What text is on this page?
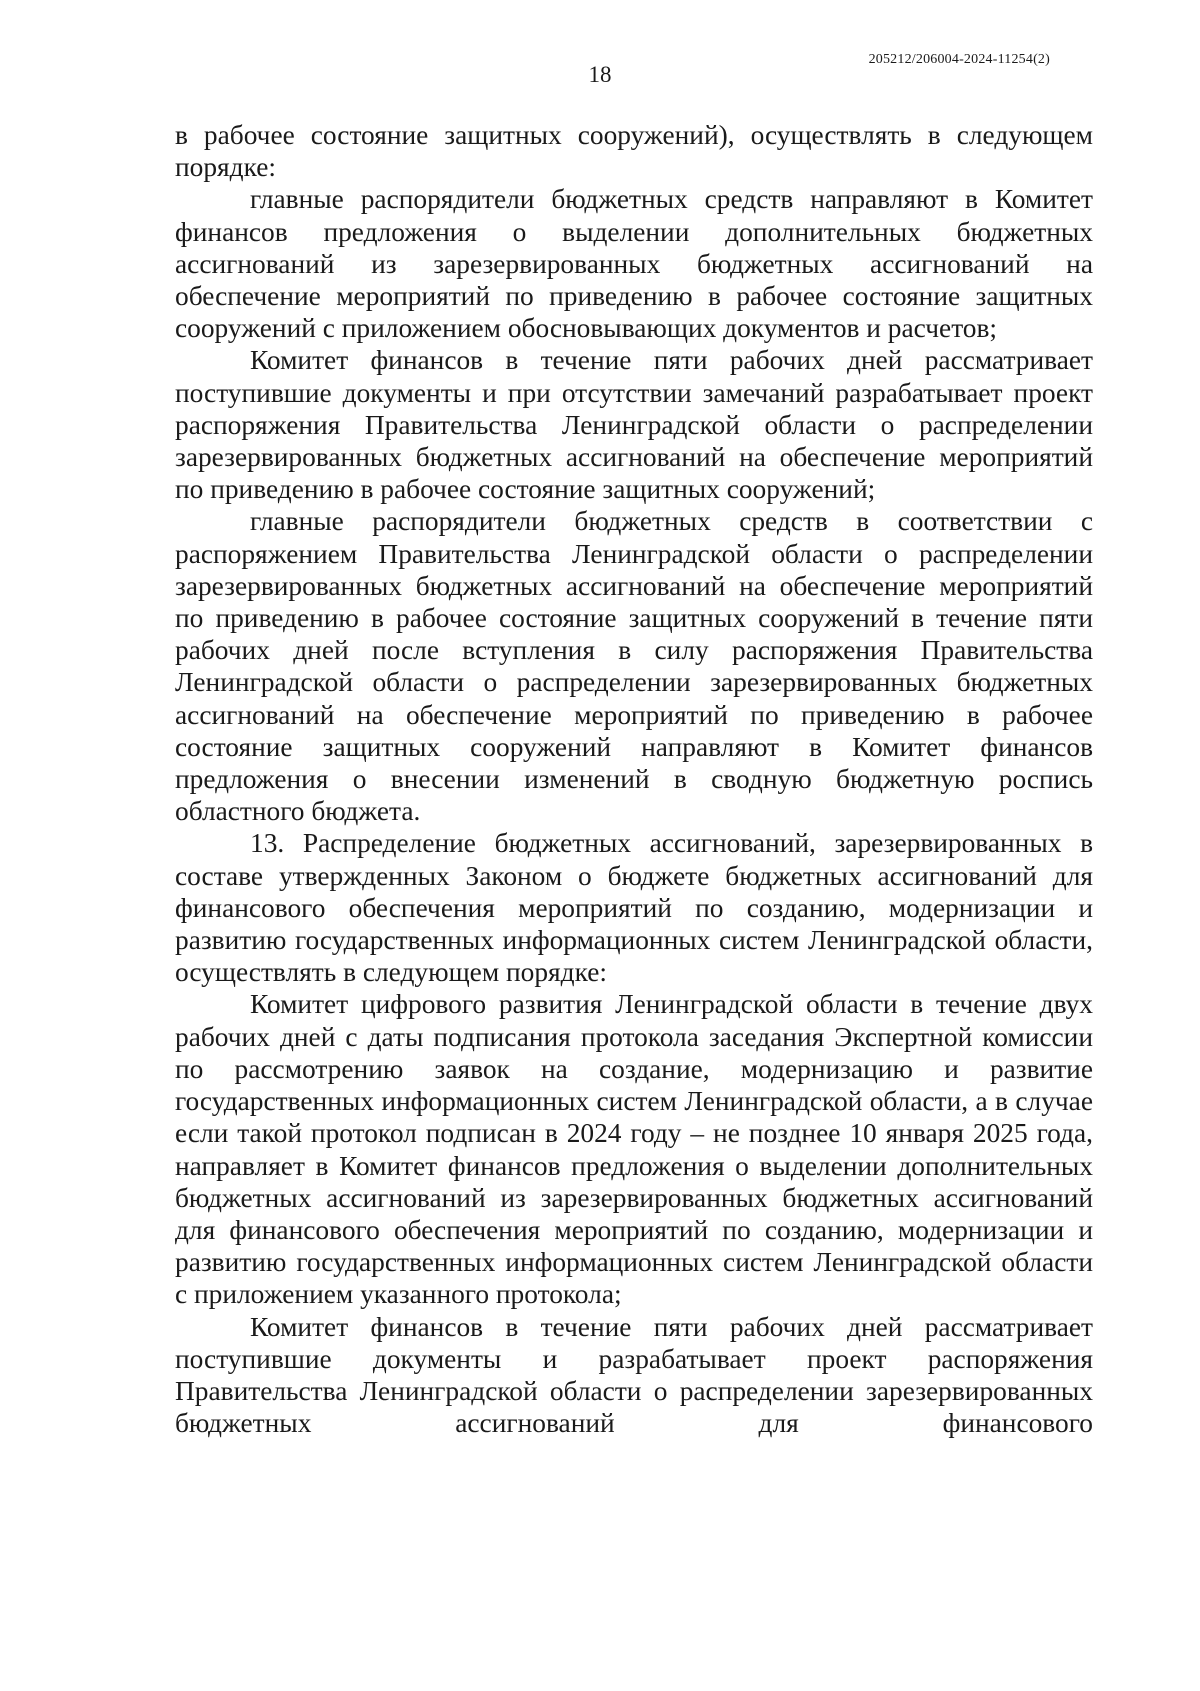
205212/206004-2024-11254(2)
18

в рабочее состояние защитных сооружений), осуществлять в следующем порядке:

главные распорядители бюджетных средств направляют в Комитет финансов предложения о выделении дополнительных бюджетных ассигнований из зарезервированных бюджетных ассигнований на обеспечение мероприятий по приведению в рабочее состояние защитных сооружений с приложением обосновывающих документов и расчетов;

Комитет финансов в течение пяти рабочих дней рассматривает поступившие документы и при отсутствии замечаний разрабатывает проект распоряжения Правительства Ленинградской области о распределении зарезервированных бюджетных ассигнований на обеспечение мероприятий по приведению в рабочее состояние защитных сооружений;

главные распорядители бюджетных средств в соответствии с распоряжением Правительства Ленинградской области о распределении зарезервированных бюджетных ассигнований на обеспечение мероприятий по приведению в рабочее состояние защитных сооружений в течение пяти рабочих дней после вступления в силу распоряжения Правительства Ленинградской области о распределении зарезервированных бюджетных ассигнований на обеспечение мероприятий по приведению в рабочее состояние защитных сооружений направляют в Комитет финансов предложения о внесении изменений в сводную бюджетную роспись областного бюджета.

13. Распределение бюджетных ассигнований, зарезервированных в составе утвержденных Законом о бюджете бюджетных ассигнований для финансового обеспечения мероприятий по созданию, модернизации и развитию государственных информационных систем Ленинградской области, осуществлять в следующем порядке:

Комитет цифрового развития Ленинградской области в течение двух рабочих дней с даты подписания протокола заседания Экспертной комиссии по рассмотрению заявок на создание, модернизацию и развитие государственных информационных систем Ленинградской области, а в случае если такой протокол подписан в 2024 году – не позднее 10 января 2025 года, направляет в Комитет финансов предложения о выделении дополнительных бюджетных ассигнований из зарезервированных бюджетных ассигнований для финансового обеспечения мероприятий по созданию, модернизации и развитию государственных информационных систем Ленинградской области с приложением указанного протокола;

Комитет финансов в течение пяти рабочих дней рассматривает поступившие документы и разрабатывает проект распоряжения Правительства Ленинградской области о распределении зарезервированных бюджетных ассигнований для финансового
